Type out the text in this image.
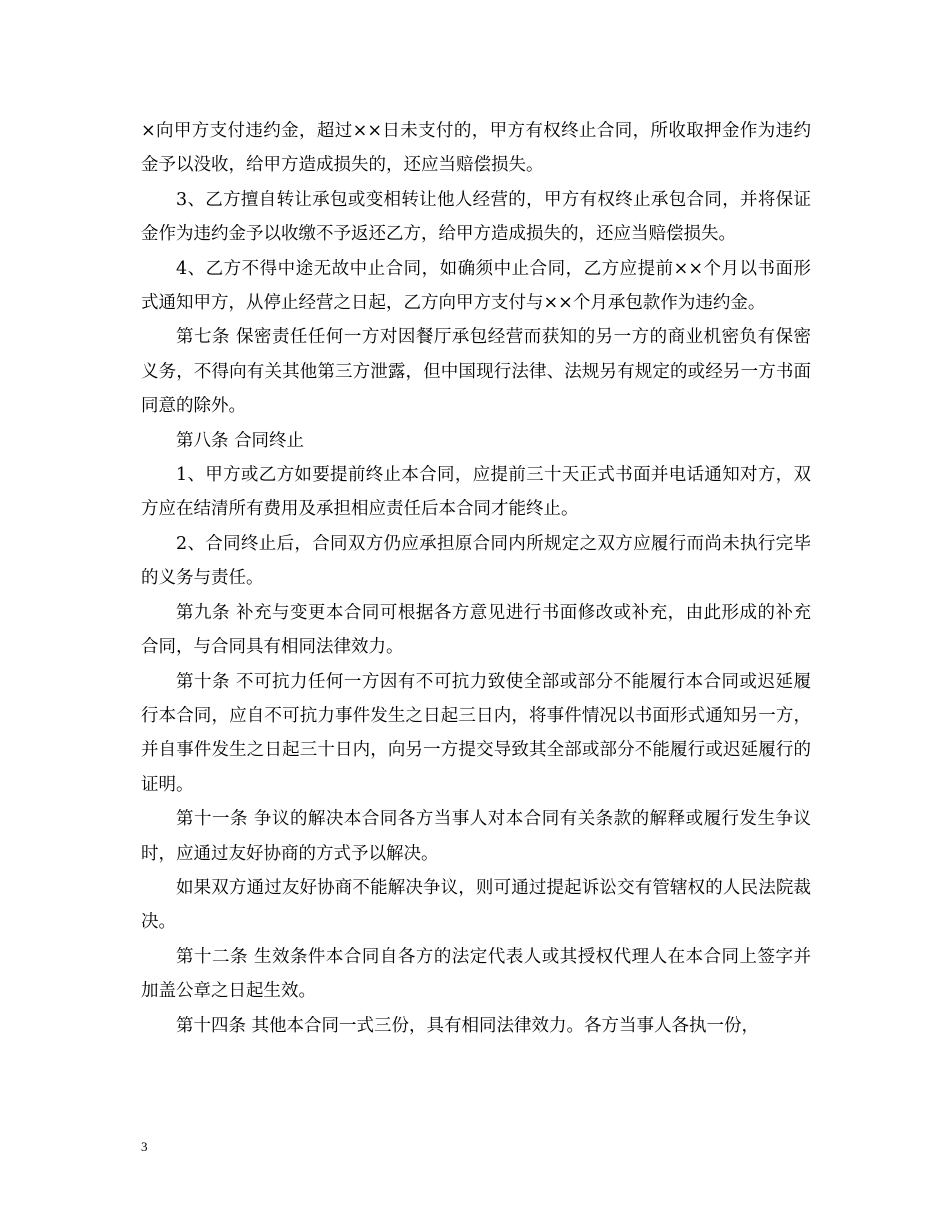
×向甲方支付违约金，超过××日未支付的，甲方有权终止合同，所收取押金作为违约金予以没收，给甲方造成损失的，还应当赔偿损失。

3、乙方擅自转让承包或变相转让他人经营的，甲方有权终止承包合同，并将保证金作为违约金予以收缴不予返还乙方，给甲方造成损失的，还应当赔偿损失。

4、乙方不得中途无故中止合同，如确须中止合同，乙方应提前××个月以书面形式通知甲方，从停止经营之日起，乙方向甲方支付与××个月承包款作为违约金。

第七条 保密责任任何一方对因餐厅承包经营而获知的另一方的商业机密负有保密义务，不得向有关其他第三方泄露，但中国现行法律、法规另有规定的或经另一方书面同意的除外。

第八条 合同终止

1、甲方或乙方如要提前终止本合同，应提前三十天正式书面并电话通知对方，双方应在结清所有费用及承担相应责任后本合同才能终止。

2、合同终止后，合同双方仍应承担原合同内所规定之双方应履行而尚未执行完毕的义务与责任。

第九条 补充与变更本合同可根据各方意见进行书面修改或补充，由此形成的补充合同，与合同具有相同法律效力。

第十条 不可抗力任何一方因有不可抗力致使全部或部分不能履行本合同或迟延履行本合同，应自不可抗力事件发生之日起三日内，将事件情况以书面形式通知另一方，并自事件发生之日起三十日内，向另一方提交导致其全部或部分不能履行或迟延履行的证明。

第十一条 争议的解决本合同各方当事人对本合同有关条款的解释或履行发生争议时，应通过友好协商的方式予以解决。

如果双方通过友好协商不能解决争议，则可通过提起诉讼交有管辖权的人民法院裁决。

第十二条 生效条件本合同自各方的法定代表人或其授权代理人在本合同上签字并加盖公章之日起生效。

第十四条 其他本合同一式三份，具有相同法律效力。各方当事人各执一份，

3
